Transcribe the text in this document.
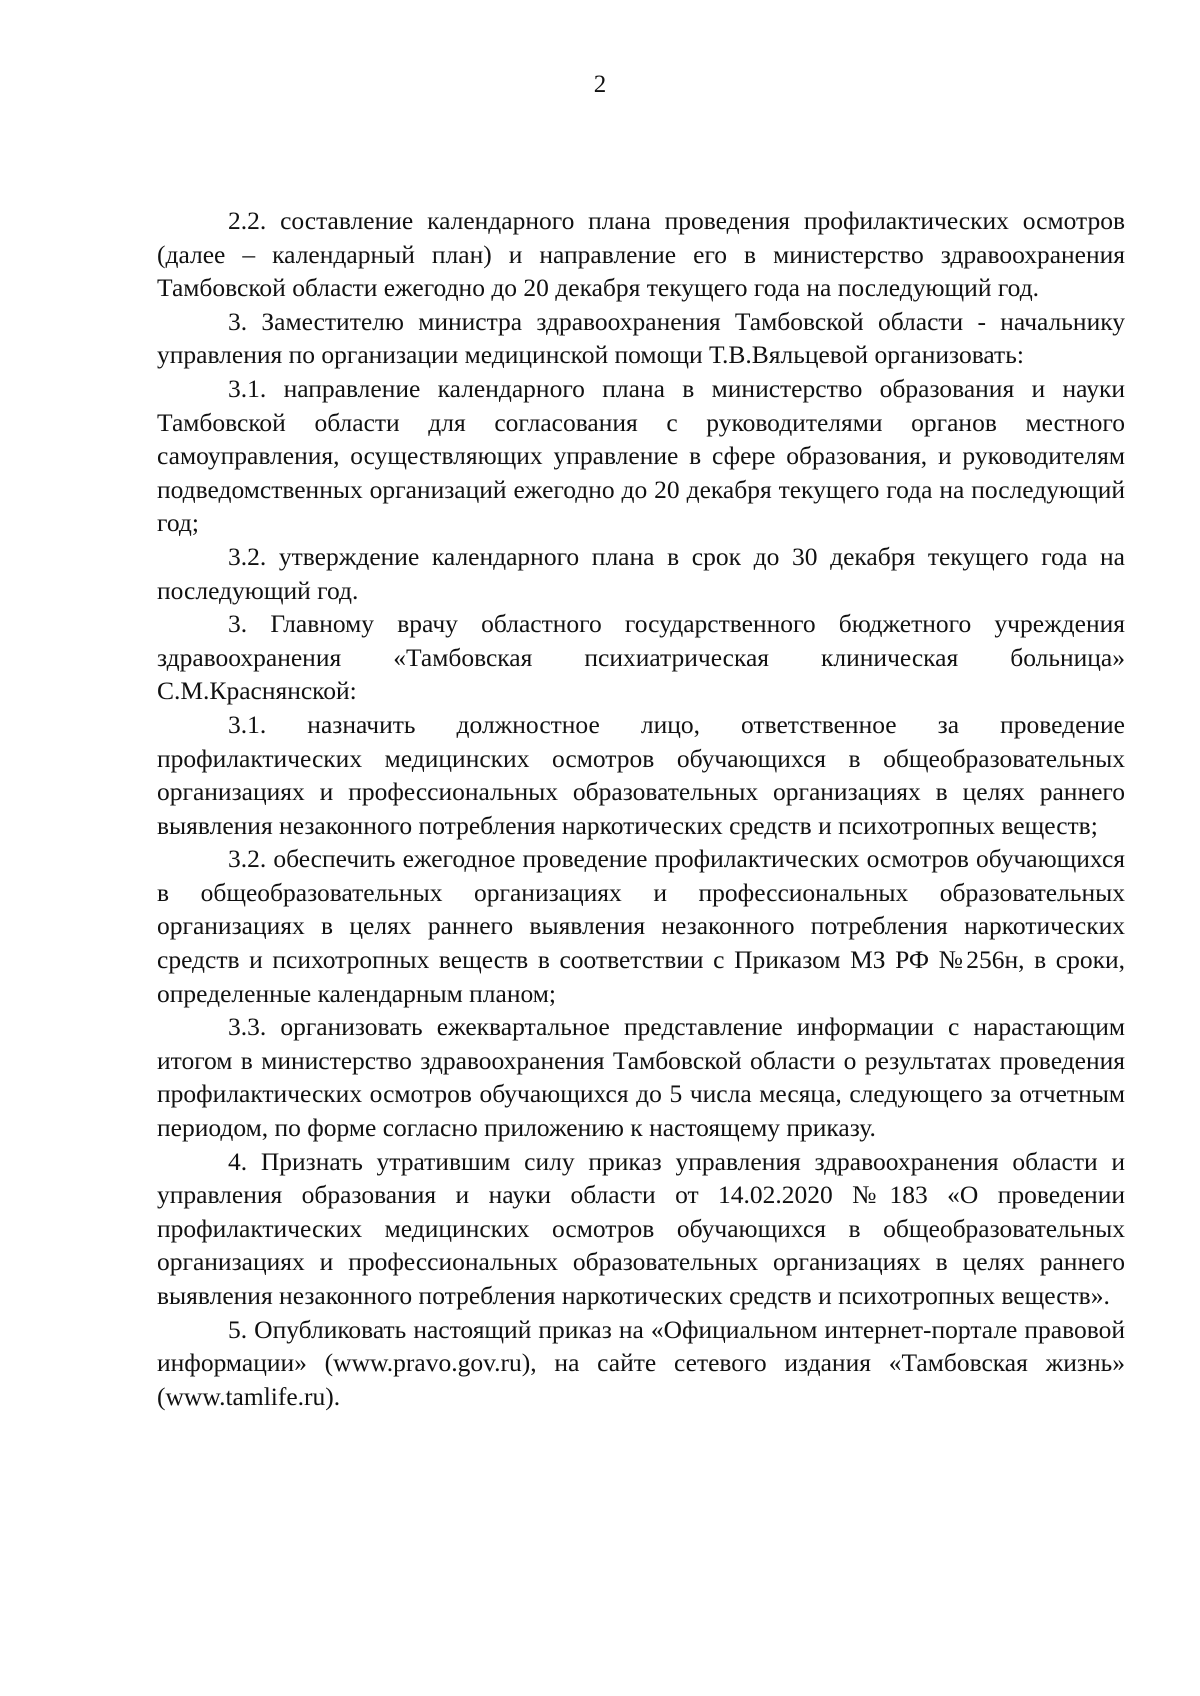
2

2.2. составление календарного плана проведения профилактических осмотров (далее – календарный план) и направление его в министерство здравоохранения Тамбовской области ежегодно до 20 декабря текущего года на последующий год.

3. Заместителю министра здравоохранения Тамбовской области - начальнику управления по организации медицинской помощи Т.В.Вяльцевой организовать:

3.1. направление календарного плана в министерство образования и науки Тамбовской области для согласования с руководителями органов местного самоуправления, осуществляющих управление в сфере образования, и руководителям подведомственных организаций ежегодно до 20 декабря текущего года на последующий год;

3.2. утверждение календарного плана в срок до 30 декабря текущего года на последующий год.

3. Главному врачу областного государственного бюджетного учреждения здравоохранения «Тамбовская психиатрическая клиническая больница» С.М.Краснянской:

3.1. назначить должностное лицо, ответственное за проведение профилактических медицинских осмотров обучающихся в общеобразовательных организациях и профессиональных образовательных организациях в целях раннего выявления незаконного потребления наркотических средств и психотропных веществ;

3.2. обеспечить ежегодное проведение профилактических осмотров обучающихся в общеобразовательных организациях и профессиональных образовательных организациях в целях раннего выявления незаконного потребления наркотических средств и психотропных веществ в соответствии с Приказом МЗ РФ №256н, в сроки, определенные календарным планом;

3.3. организовать ежеквартальное представление информации с нарастающим итогом в министерство здравоохранения Тамбовской области о результатах проведения профилактических осмотров обучающихся до 5 числа месяца, следующего за отчетным периодом, по форме согласно приложению к настоящему приказу.

4. Признать утратившим силу приказ управления здравоохранения области и управления образования и науки области от 14.02.2020 №183 «О проведении профилактических медицинских осмотров обучающихся в общеобразовательных организациях и профессиональных образовательных организациях в целях раннего выявления незаконного потребления наркотических средств и психотропных веществ».

5. Опубликовать настоящий приказ на «Официальном интернет-портале правовой информации» (www.pravo.gov.ru), на сайте сетевого издания «Тамбовская жизнь» (www.tamlife.ru).
